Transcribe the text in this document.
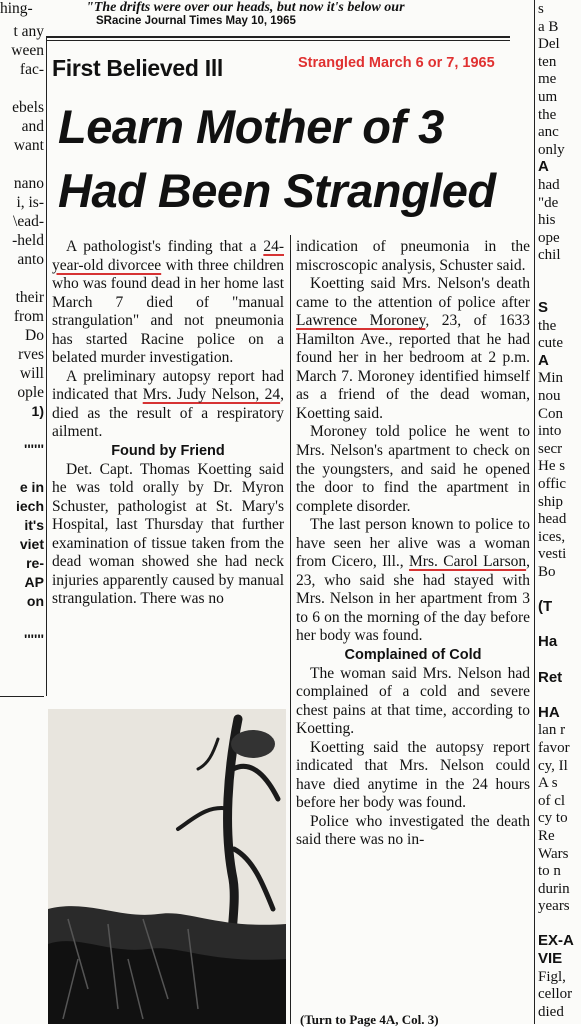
hing-	"The drifts were over our heads, but now it's below our
SRacine Journal Times May 10, 1965
t any
ween
fac-
ebels
and
want
nano
i, is-
\ead-
-held
anto
their
from
Do
rves
will
ople
1)
''''''
e in
iech
it's
viet
re-
AP
on
''''''
s
a B
Del
ten
me
um
the
anc
only
A
had
"de
his
ope
chil
S
the
cute
A
Min
nou
Con
into
secr
He s
offic
ship
head
ices,
vesti
Bo
(T
Ha
Ret
HA
lan r
favor
cy, Il
A s
of cl
cy to
Re
Wars
to n
durin
years
EX-A
VIE
Figl,
cellor
died
First Believed Ill	Strangled March 6 or 7, 1965
Learn Mother of 3
Had Been Strangled

A pathologist's finding that a 24-year-old divorcee with three children who was found dead in her home last March 7 died of "manual strangulation" and not pneumonia has started Racine police on a belated murder investigation.

A preliminary autopsy report had indicated that Mrs. Judy Nelson, 24, died as the result of a respiratory ailment.

Found by Friend

Det. Capt. Thomas Koetting said he was told orally by Dr. Myron Schuster, pathologist at St. Mary's Hospital, last Thursday that further examination of tissue taken from the dead woman showed she had neck injuries apparently caused by manual strangulation. There was no

indication of pneumonia in the miscroscopic analysis, Schuster said.

Koetting said Mrs. Nelson's death came to the attention of police after Lawrence Moroney, 23, of 1633 Hamilton Ave., reported that he had found her in her bedroom at 2 p.m. March 7. Moroney identified himself as a friend of the dead woman, Koetting said.

Moroney told police he went to Mrs. Nelson's apartment to check on the youngsters, and said he opened the door to find the apartment in complete disorder.

The last person known to police to have seen her alive was a woman from Cicero, Ill., Mrs. Carol Larson, 23, who said she had stayed with Mrs. Nelson in her apartment from 3 to 6 on the morning of the day before her body was found.

Complained of Cold

The woman said Mrs. Nelson had complained of a cold and severe chest pains at that time, according to Koetting.

Koetting said the autopsy report indicated that Mrs. Nelson could have died anytime in the 24 hours before her body was found.

Police who investigated the death said there was no in-

(Turn to Page 4A, Col. 3)
